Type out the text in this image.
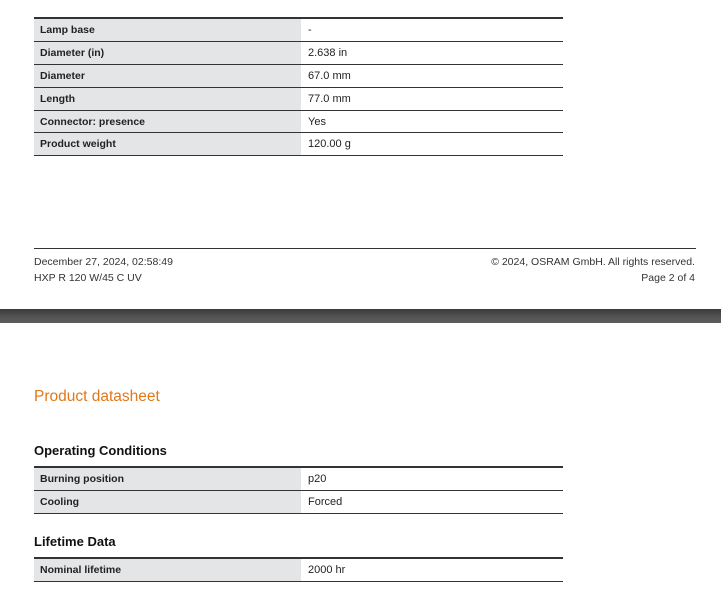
Lamp base	-
Diameter (in)	2.638 in
Diameter	67.0 mm
Length	77.0 mm
Connector: presence	Yes
Product weight	120.00 g
December 27, 2024, 02:58:49
HXP R 120 W/45 C UV
© 2024, OSRAM GmbH. All rights reserved.
Page 2 of 4
Product datasheet
Operating Conditions
Burning position	p20
Cooling	Forced
Lifetime Data
Nominal lifetime	2000 hr
